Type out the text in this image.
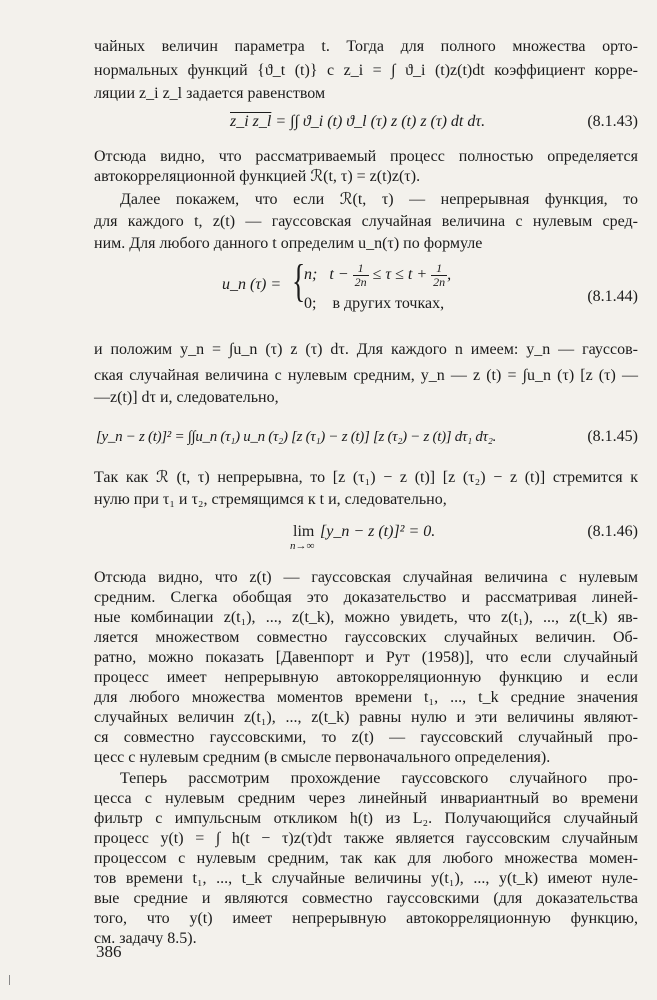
чайных величин параметра t. Тогда для полного множества орто-
нормальных функций {ϑ_t (t)} с z_i = ∫ ϑ_i (t)z(t)dt коэффициент корре-
ляции z_i z_l задается равенством
z_i z_l = ∫∫ ϑ_i (t) ϑ_l (τ) z (t) z (τ) dt dτ.	(8.1.43)
Отсюда видно, что рассматриваемый процесс полностью определяется
автокорреляционной функцией ℛ(t, τ) = z(t)z(τ).
Далее покажем, что если ℛ(t, τ) — непрерывная функция, то
для каждого t, z(t) — гауссовская случайная величина с нулевым сред-
ним. Для любого данного t определим u_n(τ) по формуле
u_n (τ) = {
n; $t - \frac{1}{2n} \le \tau \le t + \frac{1}{2n}$ ,
0; в других точках,	(8.1.44)
и положим y_n = ∫u_n (τ) z (τ) dτ. Для каждого n имеем: y_n — гауссов-
ская случайная величина с нулевым средним, y_n — z (t) = ∫u_n (τ) [z (τ) —
—z(t)] dτ и, следовательно,
[y_n − z (t)]² = ∫∫u_n (τ₁) u_n (τ₂) [z (τ₁) − z (t)] [z (τ₂) − z (t)] dτ₁ dτ₂.	(8.1.45)
Так как ℛ (t, τ) непрерывна, то [z (τ₁) − z (t)] [z (τ₂) − z (t)] стремится к
нулю при τ₁ и τ₂, стремящимся к t и, следовательно,
lim
n→∞
[y_n − z (t)]² = 0.	(8.1.46)
Отсюда видно, что z(t) — гауссовская случайная величина с нулевым
средним. Слегка обобщая это доказательство и рассматривая линей-
ные комбинации z(t₁), ..., z(t_k), можно увидеть, что z(t₁), ..., z(t_k) яв-
ляется множеством совместно гауссовских случайных величин. Об-
ратно, можно показать [Давенпорт и Рут (1958)], что если случайный
процесс имеет непрерывную автокорреляционную функцию и если
для любого множества моментов времени t₁, ..., t_k средние значения
случайных величин z(t₁), ..., z(t_k) равны нулю и эти величины являют-
ся совместно гауссовскими, то z(t) — гауссовский случайный про-
цесс с нулевым средним (в смысле первоначального определения).
Теперь рассмотрим прохождение гауссовского случайного про-
цесса с нулевым средним через линейный инвариантный во времени
фильтр с импульсным откликом h(t) из L₂. Получающийся случайный
процесс y(t) = ∫ h(t − τ)z(τ)dτ также является гауссовским случайным
процессом с нулевым средним, так как для любого множества момен-
тов времени t₁, ..., t_k случайные величины y(t₁), ..., y(t_k) имеют нуле-
вые средние и являются совместно гауссовскими (для доказательства
того, что y(t) имеет непрерывную автокорреляционную функцию,
см. задачу 8.5).
386
